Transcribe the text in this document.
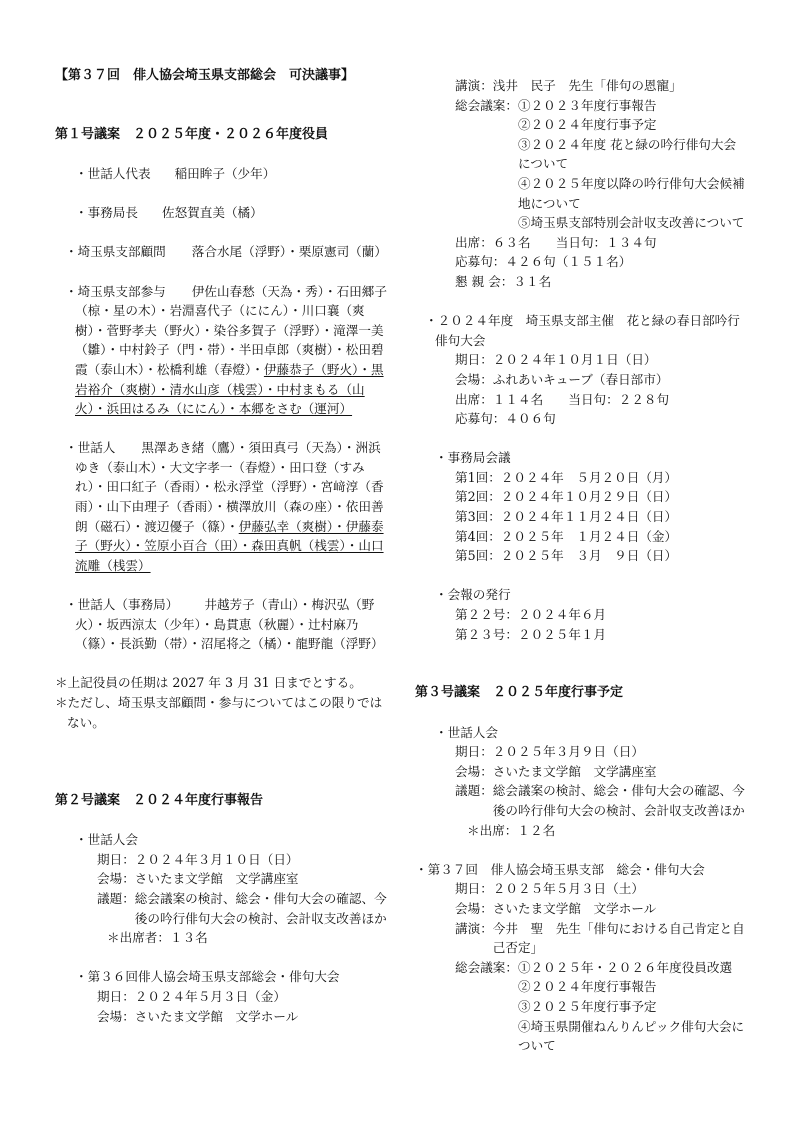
【第３７回　俳人協会埼玉県支部総会　可決議事】
第１号議案　２０２５年度・２０２６年度役員
・世話人代表 稲田眸子（少年）
・事務局長 佐怒賀直美（橘）
・埼玉県支部顧問 落合水尾（浮野）・栗原憲司（蘭）
・埼玉県支部参与 伊佐山春愁（天為・秀）・石田郷子（椋・星の木）・岩淵喜代子（ににん）・川口襄（爽樹）・菅野孝夫（野火）・染谷多賀子（浮野）・滝澤一美（雛）・中村鈴子（門・帯）・半田卓郎（爽樹）・松田碧霞（泰山木）・松橋利雄（春燈）・伊藤恭子（野火）・黒岩裕介（爽樹）・清水山彦（桟雲）・中村まもる（山火）・浜田はるみ（ににん）・本郷をさむ（運河）
・世話人 黒澤あき緒（鷹）・須田真弓（天為）・洲浜ゆき（泰山木）・大文字孝一（春燈）・田口登（すみれ）・田口紅子（香雨）・松永浮堂（浮野）・宮﨑淳（香雨）・山下由理子（香雨）・横澤放川（森の座）・依田善朗（磁石）・渡辺優子（篠）・伊藤弘幸（爽樹）・伊藤泰子（野火）・笠原小百合（田）・森田真帆（桟雲）・山口流雕（桟雲）
・世話人（事務局） 井越芳子（青山）・梅沢弘（野火）・坂西涼太（少年）・島貫恵（秋麗）・辻村麻乃（篠）・長浜勤（帯）・沼尾将之（橘）・龍野龍（浮野）
＊上記役員の任期は 2027 年 3 月 31 日までとする。
＊ただし、埼玉県支部顧問・参与についてはこの限りではない。
第２号議案　２０２４年度行事報告
・世話人会
期日： ２０２４年３月１０日（日）
会場： さいたま文学館　文学講座室
議題： 総会議案の検討、総会・俳句大会の確認、今後の吟行俳句大会の検討、会計収支改善ほか
＊出席者：１３名
・第３６回俳人協会埼玉県支部総会・俳句大会
期日： ２０２４年５月３日（金）
会場： さいたま文学館　文学ホール
講演：浅井　民子　先生「俳句の恩寵」
総会議案： ①２０２３年度行事報告
②２０２４年度行事予定
③２０２４年度 花と緑の吟行俳句大会について
④２０２５年度以降の吟行俳句大会候補地について
⑤埼玉県支部特別会計収支改善について
出席：６３名　　当日句：１３４句
応募句：４２６句（１５１名）
懇 親 会：３１名
・２０２４年度　埼玉県支部主催　花と緑の春日部吟行俳句大会
期日：２０２４年１０月１日（日）
会場：ふれあいキューブ（春日部市）
出席：１１４名　　当日句：２２８句
応募句：４０６句
・事務局会議
第1回：２０２４年　５月２０日（月）
第2回：２０２４年１０月２９日（日）
第3回：２０２４年１１月２４日（日）
第4回：２０２５年　１月２４日（金）
第5回：２０２５年　３月　９日（日）
・会報の発行
第２２号：２０２４年６月
第２３号：２０２５年１月
第３号議案　２０２５年度行事予定
・世話人会
期日： ２０２５年３月９日（日）
会場： さいたま文学館　文学講座室
議題： 総会議案の検討、総会・俳句大会の確認、今後の吟行俳句大会の検討、会計収支改善ほか
＊出席：１２名
・第３７回　俳人協会埼玉県支部　総会・俳句大会
期日： ２０２５年５月３日（土）
会場： さいたま文学館　文学ホール
講演： 今井　聖　先生「俳句における自己肯定と自己否定」
総会議案： ①２０２５年・２０２６年度役員改選
②２０２４年度行事報告
③２０２５年度行事予定
④埼玉県開催ねんりんピック俳句大会について
